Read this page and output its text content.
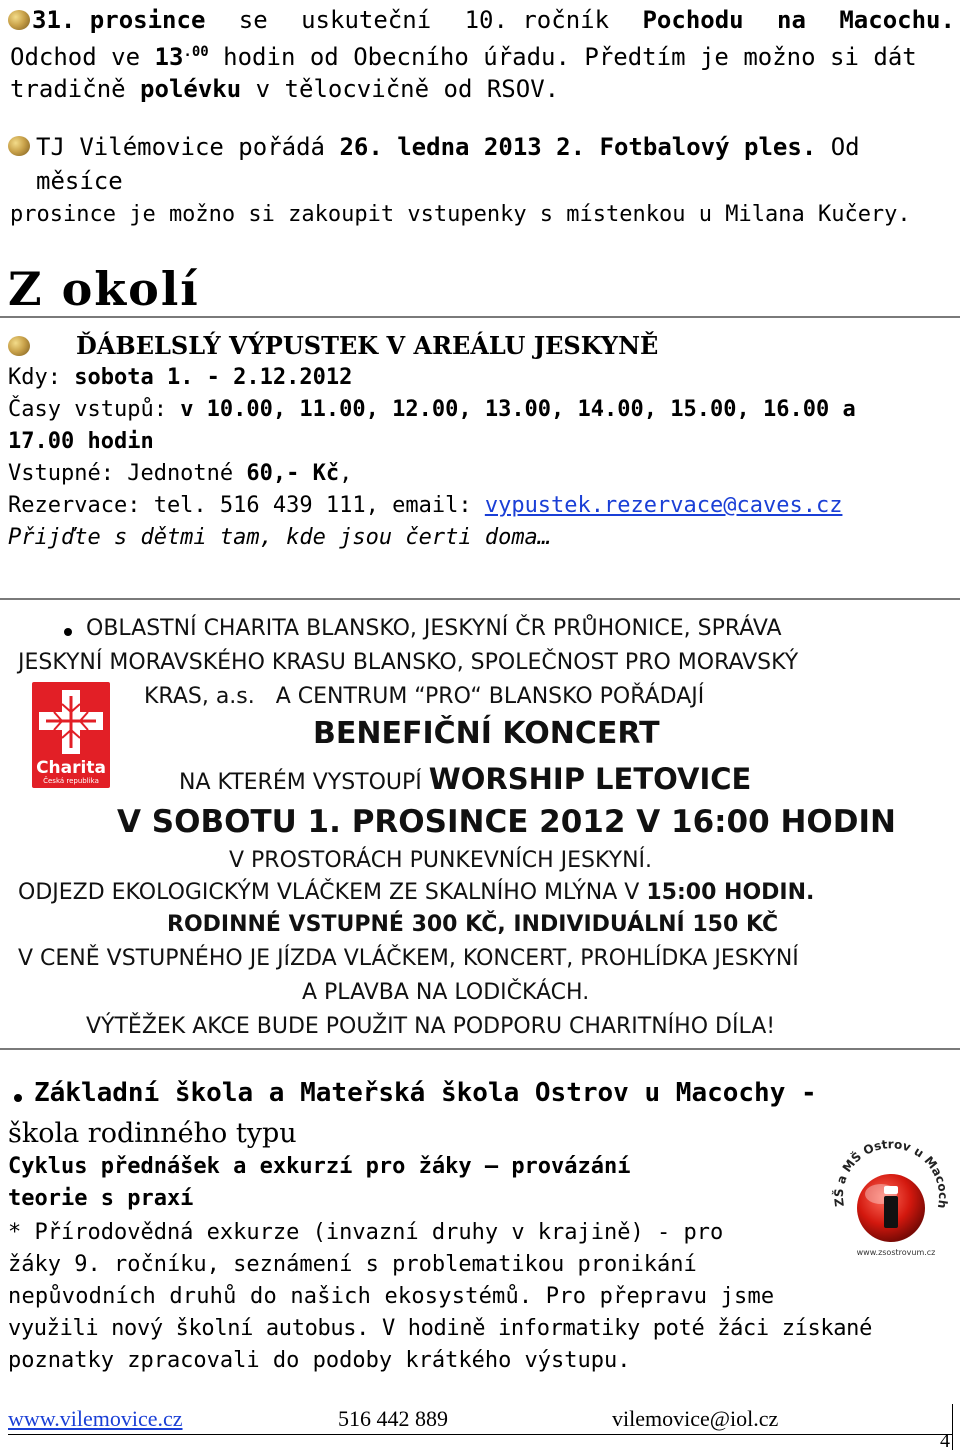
31. prosince se uskuteční 10. ročník Pochodu na Macochu.
Odchod ve $13^{.00}$ hodin od Obecního úřadu. Předtím je možno si dát
tradičně polévku v tělocvičně od RSOV.
TJ Vilémovice pořádá 26. ledna 2013 2. Fotbalový ples. Od měsíce
prosince je možno si zakoupit vstupenky s místenkou u Milana Kučery.
Z okolí
ĎÁBELSLÝ VÝPUSTEK V AREÁLU JESKYNĚ
Kdy: sobota 1. - 2.12.2012
Časy vstupů: v 10.00, 11.00, 12.00, 13.00, 14.00, 15.00, 16.00 a
17.00 hodin
Vstupné: Jednotné 60,- Kč,
Rezervace: tel. 516 439 111, email: vypustek.rezervace@caves.cz
Přijďte s dětmi tam, kde jsou čerti doma…
OBLASTNÍ CHARITA BLANSKO, JESKYNÍ ČR PRŮHONICE, SPRÁVA
JESKYNÍ MORAVSKÉHO KRASU BLANSKO, SPOLEČNOST PRO MORAVSKÝ
Charita
Česká republika
KRAS, a.s.   A CENTRUM “PRO“ BLANSKO POŘÁDAJÍ
BENEFIČNÍ KONCERT
NA KTERÉM VYSTOUPÍ WORSHIP LETOVICE
V SOBOTU 1. PROSINCE 2012 V 16:00 HODIN
V PROSTORÁCH PUNKEVNÍCH JESKYNÍ.
ODJEZD EKOLOGICKÝM VLÁČKEM ZE SKALNÍHO MLÝNA V 15:00 HODIN.
RODINNÉ VSTUPNÉ 300 KČ, INDIVIDUÁLNÍ 150 KČ
V CENĚ VSTUPNÉHO JE JÍZDA VLÁČKEM, KONCERT, PROHLÍDKA JESKYNÍ
A PLAVBA NA LODIČKÁCH.
VÝTĚŽEK AKCE BUDE POUŽIT NA PODPORU CHARITNÍHO DÍLA!
Základní škola a Mateřská škola Ostrov u Macochy -
škola rodinného typu
Cyklus přednášek a exkurzí pro žáky – provázání
teorie s praxí
* Přírodovědná exkurze (invazní druhy v krajině) - pro
žáky 9. ročníku, seznámení s problematikou pronikání
nepůvodních druhů do našich ekosystémů. Pro přepravu jsme
využili nový školní autobus. V hodině informatiky poté žáci získané
poznatky zpracovali do podoby krátkého výstupu.
ZŠ a MŠ Ostrov u Macoch
www.zsostrovum.cz
www.vilemovice.cz	516 442 889	vilemovice@iol.cz
4
